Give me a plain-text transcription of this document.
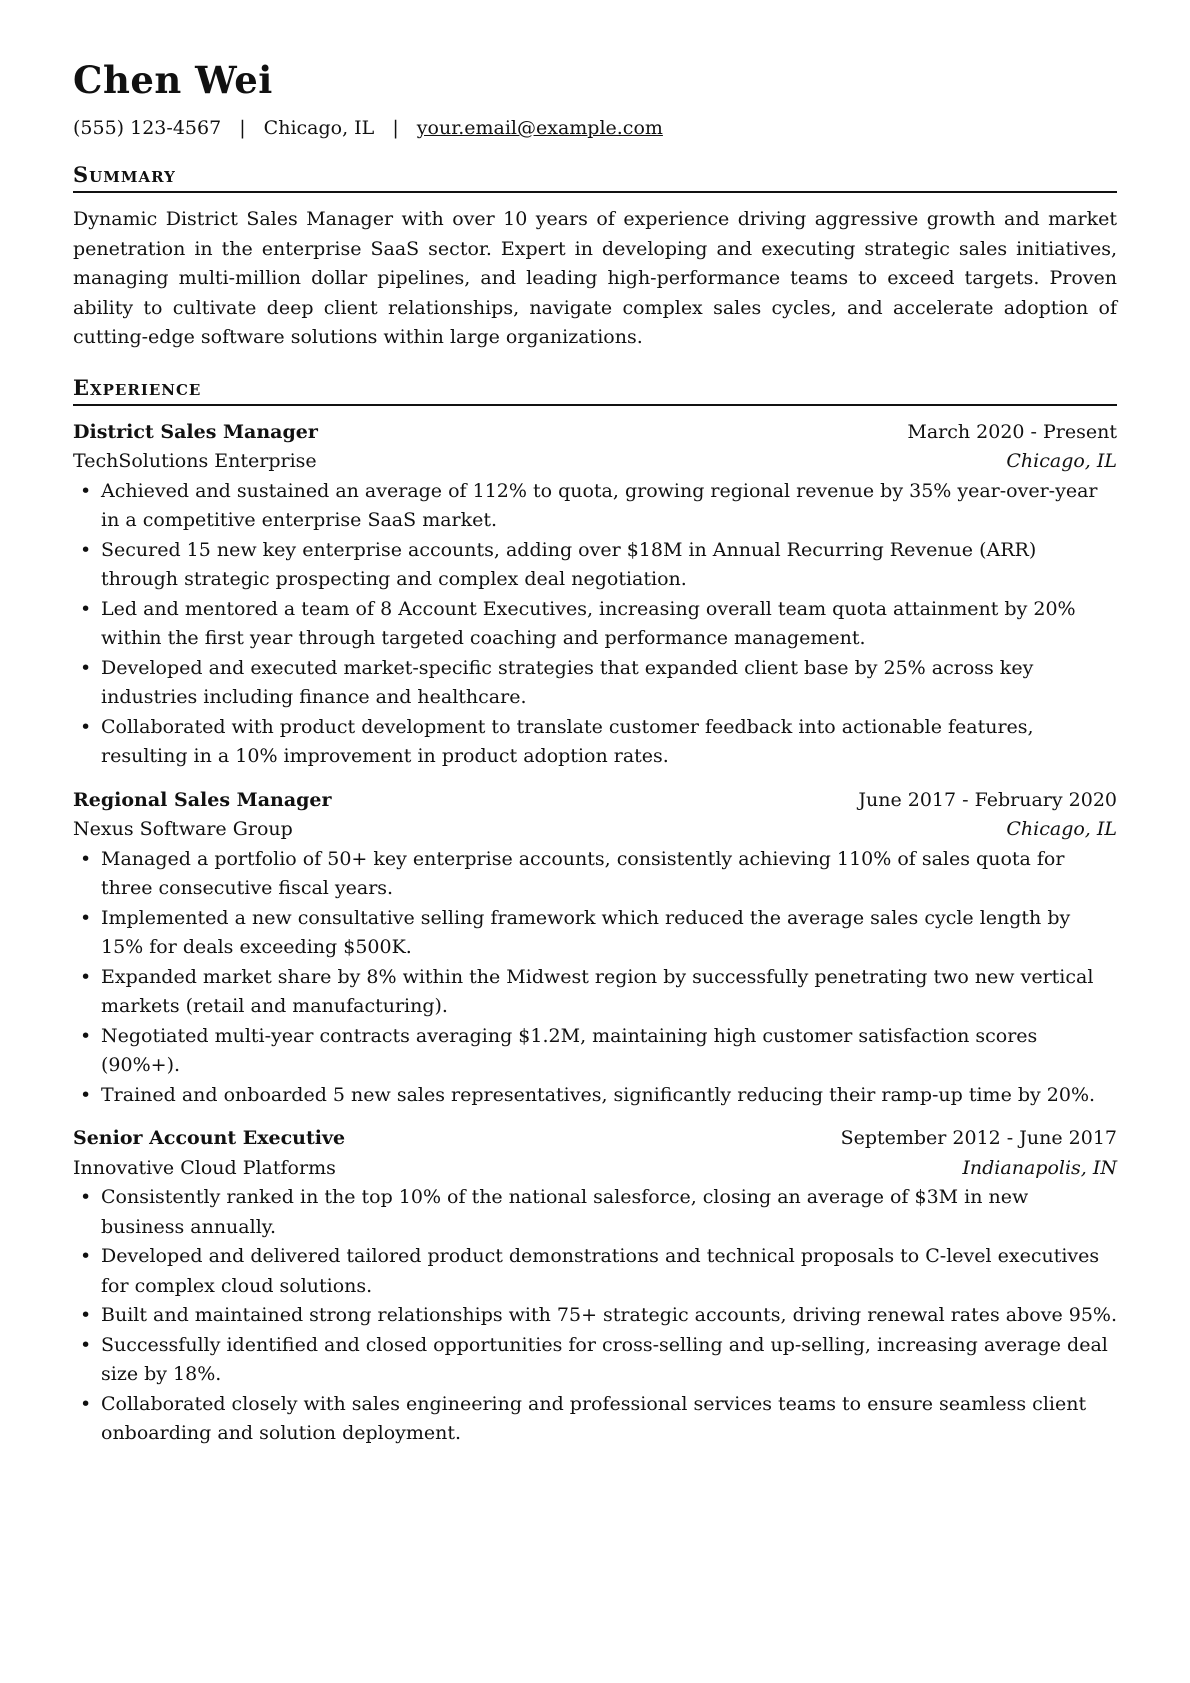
Chen Wei
(555) 123-4567 | Chicago, IL | your.email@example.com
Summary
Dynamic District Sales Manager with over 10 years of experience driving aggressive growth and market penetration in the enterprise SaaS sector. Expert in developing and executing strategic sales initiatives, managing multi-million dollar pipelines, and leading high-performance teams to exceed targets. Proven ability to cultivate deep client relationships, navigate complex sales cycles, and accelerate adoption of cutting-edge software solutions within large organizations.
Experience
District Sales Manager	March 2020 - Present
TechSolutions Enterprise	Chicago, IL
• Achieved and sustained an average of 112% to quota, growing regional revenue by 35% year-over-year in a competitive enterprise SaaS market.
• Secured 15 new key enterprise accounts, adding over $18M in Annual Recurring Revenue (ARR) through strategic prospecting and complex deal negotiation.
• Led and mentored a team of 8 Account Executives, increasing overall team quota attainment by 20% within the first year through targeted coaching and performance management.
• Developed and executed market-specific strategies that expanded client base by 25% across key industries including finance and healthcare.
• Collaborated with product development to translate customer feedback into actionable features, resulting in a 10% improvement in product adoption rates.
Regional Sales Manager	June 2017 - February 2020
Nexus Software Group	Chicago, IL
• Managed a portfolio of 50+ key enterprise accounts, consistently achieving 110% of sales quota for three consecutive fiscal years.
• Implemented a new consultative selling framework which reduced the average sales cycle length by 15% for deals exceeding $500K.
• Expanded market share by 8% within the Midwest region by successfully penetrating two new vertical markets (retail and manufacturing).
• Negotiated multi-year contracts averaging $1.2M, maintaining high customer satisfaction scores (90%+).
• Trained and onboarded 5 new sales representatives, significantly reducing their ramp-up time by 20%.
Senior Account Executive	September 2012 - June 2017
Innovative Cloud Platforms	Indianapolis, IN
• Consistently ranked in the top 10% of the national salesforce, closing an average of $3M in new business annually.
• Developed and delivered tailored product demonstrations and technical proposals to C-level executives for complex cloud solutions.
• Built and maintained strong relationships with 75+ strategic accounts, driving renewal rates above 95%.
• Successfully identified and closed opportunities for cross-selling and up-selling, increasing average deal size by 18%.
• Collaborated closely with sales engineering and professional services teams to ensure seamless client onboarding and solution deployment.
